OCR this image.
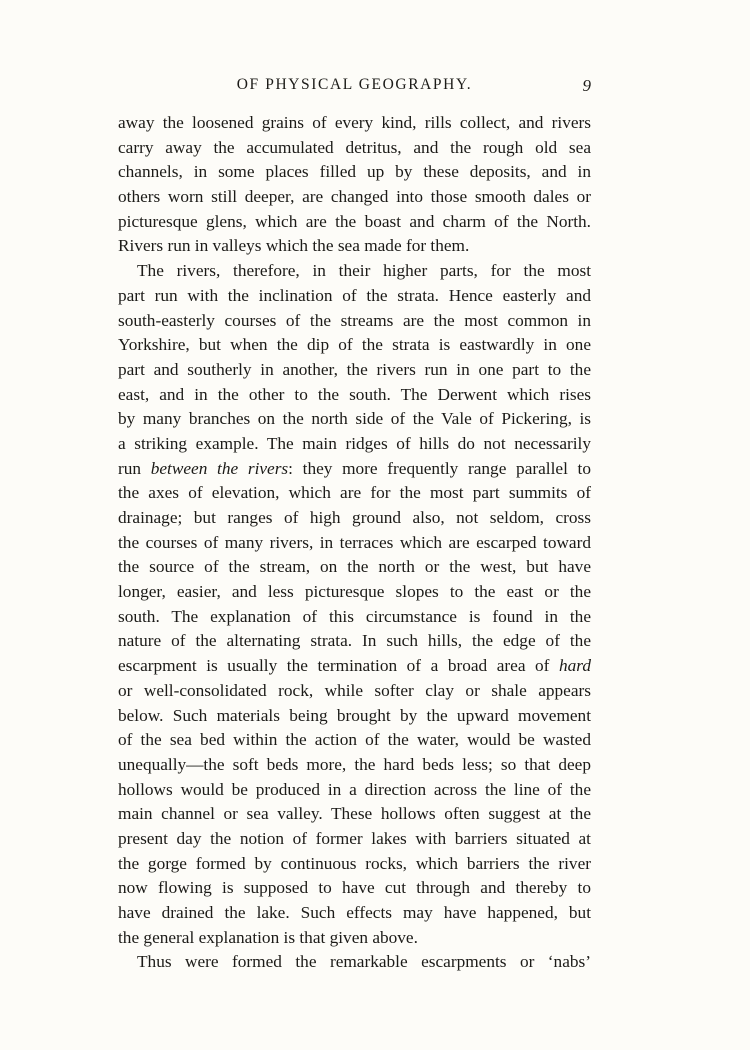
OF PHYSICAL GEOGRAPHY.	9
away the loosened grains of every kind, rills collect, and rivers
carry away the accumulated detritus, and the rough old sea
channels, in some places filled up by these deposits, and in
others worn still deeper, are changed into those smooth dales or
picturesque glens, which are the boast and charm of the North.
Rivers run in valleys which the sea made for them.
The rivers, therefore, in their higher parts, for the most
part run with the inclination of the strata. Hence easterly and
south-easterly courses of the streams are the most common in
Yorkshire, but when the dip of the strata is eastwardly in one
part and southerly in another, the rivers run in one part to the
east, and in the other to the south. The Derwent which rises
by many branches on the north side of the Vale of Pickering, is
a striking example. The main ridges of hills do not necessarily
run between the rivers: they more frequently range parallel to
the axes of elevation, which are for the most part summits of
drainage; but ranges of high ground also, not seldom, cross
the courses of many rivers, in terraces which are escarped toward
the source of the stream, on the north or the west, but have
longer, easier, and less picturesque slopes to the east or the
south. The explanation of this circumstance is found in the
nature of the alternating strata. In such hills, the edge of the
escarpment is usually the termination of a broad area of hard
or well-consolidated rock, while softer clay or shale appears
below. Such materials being brought by the upward movement
of the sea bed within the action of the water, would be wasted
unequally—the soft beds more, the hard beds less; so that deep
hollows would be produced in a direction across the line of the
main channel or sea valley. These hollows often suggest at the
present day the notion of former lakes with barriers situated at
the gorge formed by continuous rocks, which barriers the river
now flowing is supposed to have cut through and thereby to
have drained the lake. Such effects may have happened, but
the general explanation is that given above.
Thus were formed the remarkable escarpments or ‘nabs’
